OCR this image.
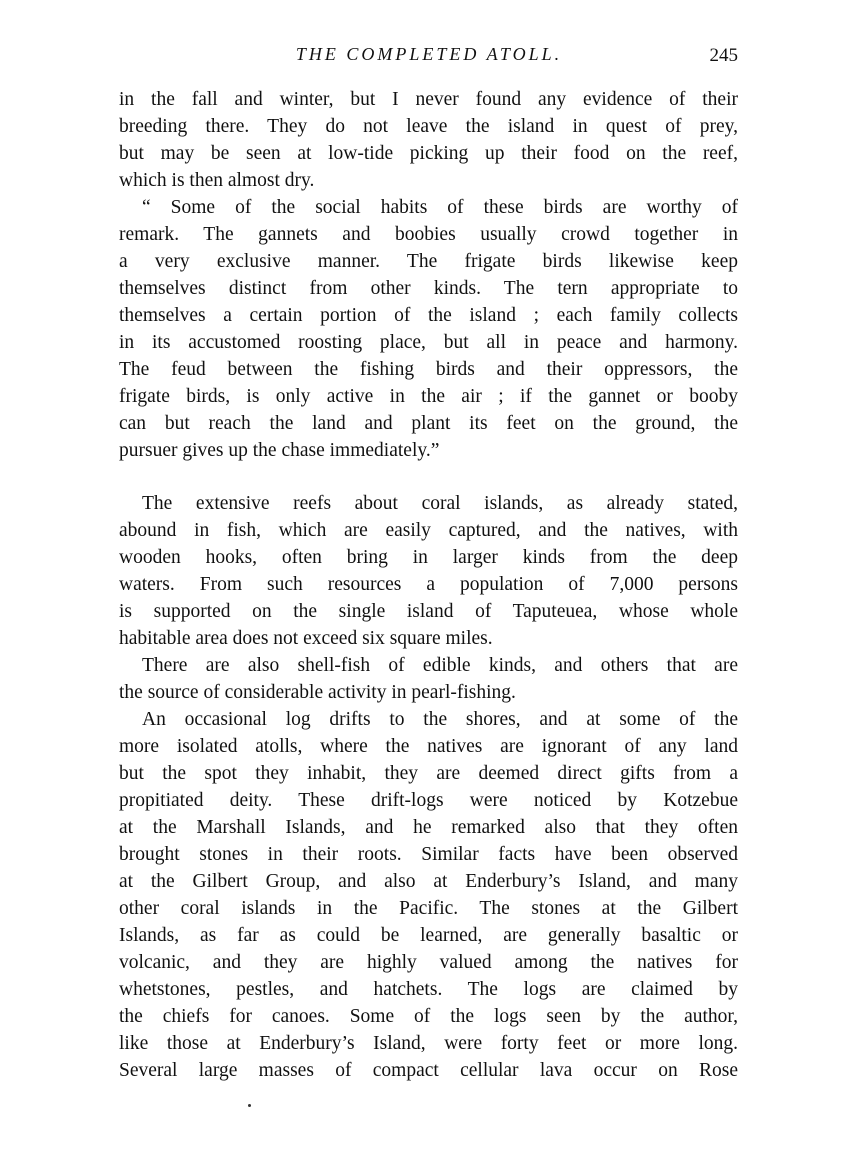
THE COMPLETED ATOLL.	245
in the fall and winter, but I never found any evidence of their
breeding there. They do not leave the island in quest of prey,
but may be seen at low-tide picking up their food on the reef,
which is then almost dry.
“ Some of the social habits of these birds are worthy of
remark. The gannets and boobies usually crowd together in
a very exclusive manner. The frigate birds likewise keep
themselves distinct from other kinds. The tern appropriate to
themselves a certain portion of the island ; each family collects
in its accustomed roosting place, but all in peace and harmony.
The feud between the fishing birds and their oppressors, the
frigate birds, is only active in the air ; if the gannet or booby
can but reach the land and plant its feet on the ground, the
pursuer gives up the chase immediately.”
The extensive reefs about coral islands, as already stated,
abound in fish, which are easily captured, and the natives, with
wooden hooks, often bring in larger kinds from the deep
waters. From such resources a population of 7,000 persons
is supported on the single island of Taputeuea, whose whole
habitable area does not exceed six square miles.
There are also shell-fish of edible kinds, and others that are
the source of considerable activity in pearl-fishing.
An occasional log drifts to the shores, and at some of the
more isolated atolls, where the natives are ignorant of any land
but the spot they inhabit, they are deemed direct gifts from a
propitiated deity. These drift-logs were noticed by Kotzebue
at the Marshall Islands, and he remarked also that they often
brought stones in their roots. Similar facts have been observed
at the Gilbert Group, and also at Enderbury’s Island, and many
other coral islands in the Pacific. The stones at the Gilbert
Islands, as far as could be learned, are generally basaltic or
volcanic, and they are highly valued among the natives for
whetstones, pestles, and hatchets. The logs are claimed by
the chiefs for canoes. Some of the logs seen by the author,
like those at Enderbury’s Island, were forty feet or more long.
Several large masses of compact cellular lava occur on Rose
